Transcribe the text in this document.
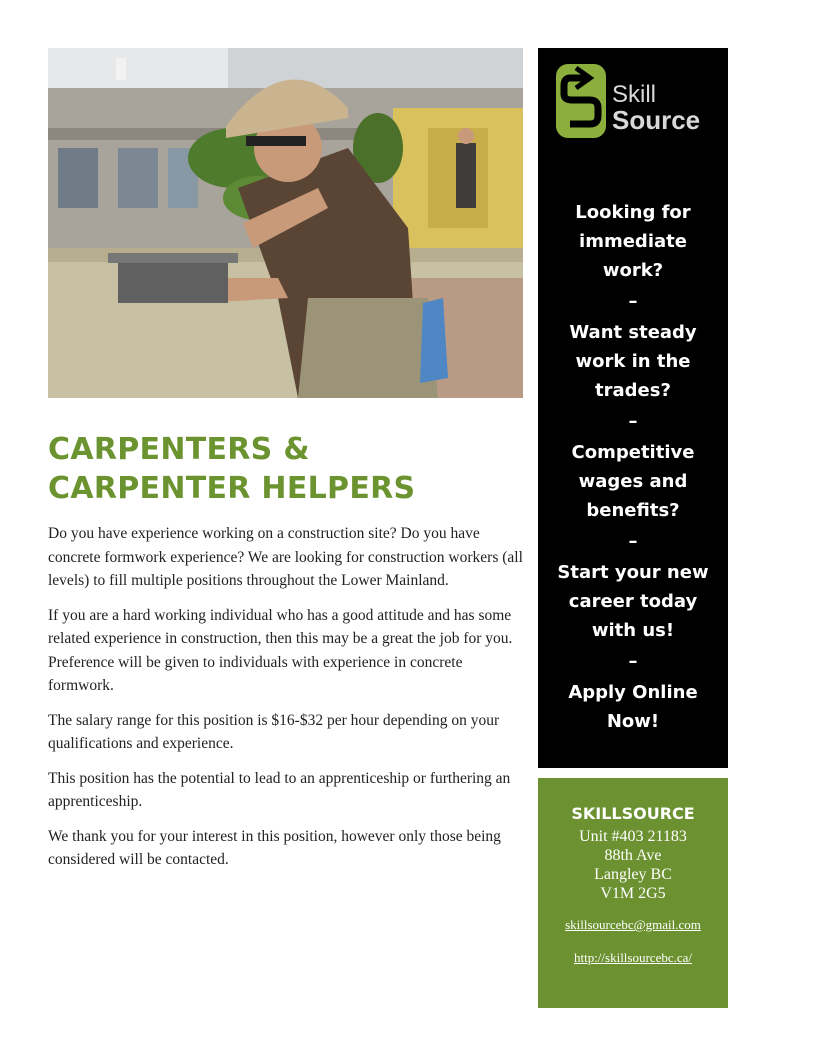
CARPENTERS &
CARPENTER HELPERS

Do you have experience working on a construction site? Do you have concrete formwork experience? We are looking for construction workers (all levels) to fill multiple positions throughout the Lower Mainland.

If you are a hard working individual who has a good attitude and has some related experience in construction, then this may be a great the job for you. Preference will be given to individuals with experience in concrete formwork.

The salary range for this position is $16-$32 per hour depending on your qualifications and experience.

This position has the potential to lead to an apprenticeship or furthering an apprenticeship.

We thank you for your interest in this position, however only those being considered will be contacted.

Skill
Source

Looking for immediate work?

–

Want steady work in the trades?

–

Competitive wages and benefits?

–

Start your new career today with us!

–

Apply Online Now!

SKILLSOURCE
Unit #403 21183
88th Ave
Langley BC
V1M 2G5
skillsourcebc@gmail.com
http://skillsourcebc.ca/
